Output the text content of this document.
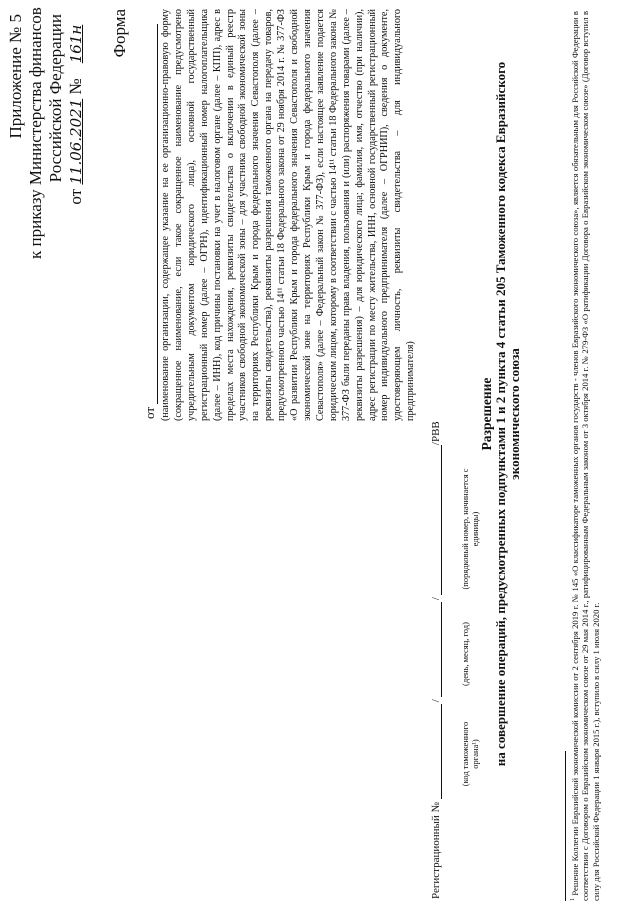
Приложение № 5 к приказу Министерства финансов Российской Федерации
от 11.06.2021 № 161н Форма
от (наименование организации, содержащее указание на ее организационно-правовую форму (сокращенное наименование, если такое сокращенное наименование предусмотрено учредительным документом юридического лица), основной государственный регистрационный номер (далее – ОГРН), идентификационный номер налогоплательщика (далее – ИНН), код причины постановки на учет в налоговом органе (далее – КПП), адрес в пределах места нахождения, реквизиты свидетельства о включении в единый реестр участников свободной экономической зоны – для участника свободной экономической зоны на территориях Республики Крым и города федерального значения Севастополя (далее – реквизиты свидетельства), реквизиты разрешения таможенного органа на передачу товаров, предусмотренного частью 14¹¹ статьи 18 Федерального закона от 29 ноября 2014 г. № 377-ФЗ «О развитии Республики Крым и города федерального значения Севастополя и свободной экономической зоне на территориях Республики Крым и города федерального значения Севастополя» (далее – Федеральный закон № 377-ФЗ), если настоящее заявление подается юридическим лицом, которому в соответствии с частью 14¹¹ статьи 18 Федерального закона № 377-ФЗ были переданы права владения, пользования и (или) распоряжения товарами (далее – реквизиты разрешения) – для юридического лица; фамилия, имя, отчество (при наличии), адрес регистрации по месту жительства, ИНН, основной государственный регистрационный номер индивидуального предпринимателя (далее – ОГРНИП), сведения о документе, удостоверяющем личность, реквизиты свидетельства – для индивидуального предпринимателя)
Регистрационный № ///РВВ
(код таможенного органа¹)
(день, месяц, год)
(порядковый номер, начинается с единицы)
Разрешение на совершение операций, предусмотренных подпунктами 1 и 2 пункта 4 статьи 205 Таможенного кодекса Евразийского экономического союза
$^1$ Решение Коллегии Евразийской экономической комиссии от 2 сентября 2019 г. № 145 «О классификаторе таможенных органов государств - членов Евразийского экономического союза», является обязательным для Российской Федерации в соответствии с Договором о Евразийском экономическом союзе от 29 мая 2014 г., ратифицированным Федеральным законом от 3 октября 2014 г. № 279-ФЗ «О ратификации Договора о Евразийском экономическом союзе» (Договор вступил в силу для Российской Федерации 1 января 2015 г.), вступило в силу 1 июля 2020 г.
